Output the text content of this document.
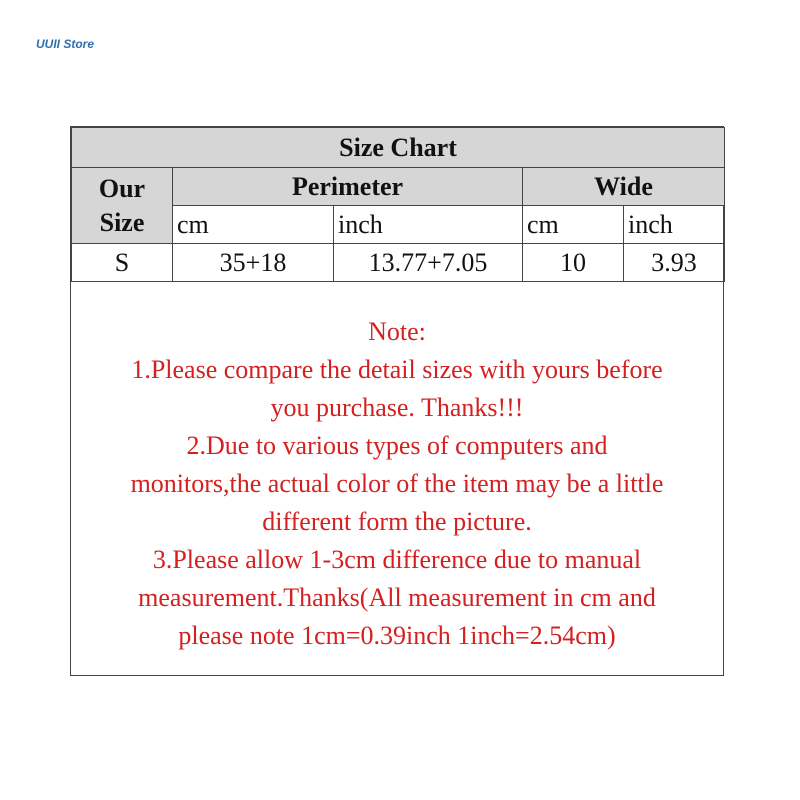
UUII Store
Size Chart				

Our
Size	Perimeter		Wide	
	cm	inch	cm	inch
S	35+18	13.77+7.05	10	3.93
Note:
1.Please compare the detail sizes with yours before
you purchase. Thanks!!!
2.Due to various types of computers and
monitors,the actual color of the item may be a little
different form the picture.
3.Please allow 1-3cm difference due to manual
measurement.Thanks(All measurement in cm and
please note 1cm=0.39inch 1inch=2.54cm)
